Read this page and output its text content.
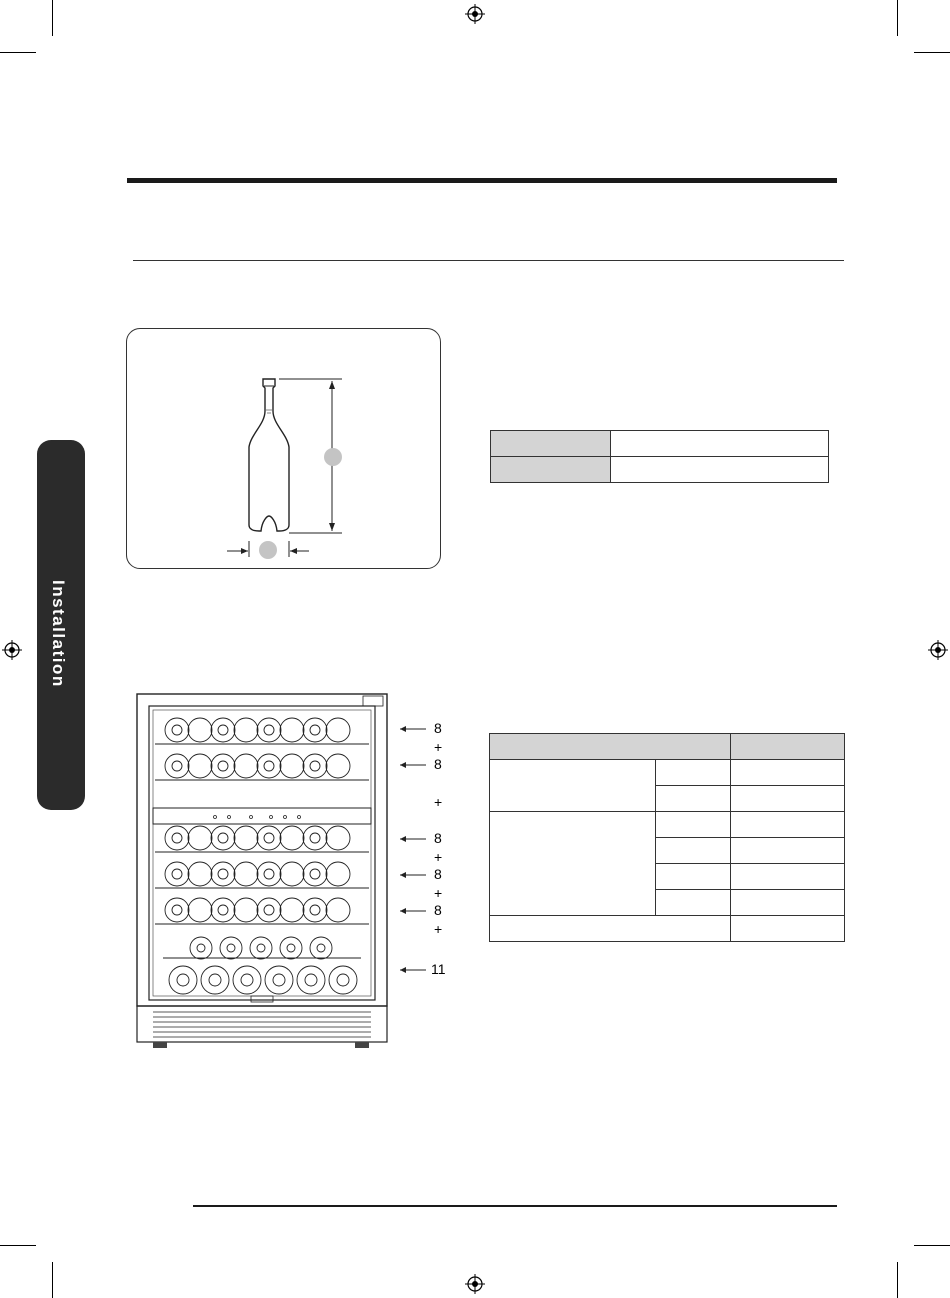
Installation

8
+
8
+
8
+
8
+
8
+
11
